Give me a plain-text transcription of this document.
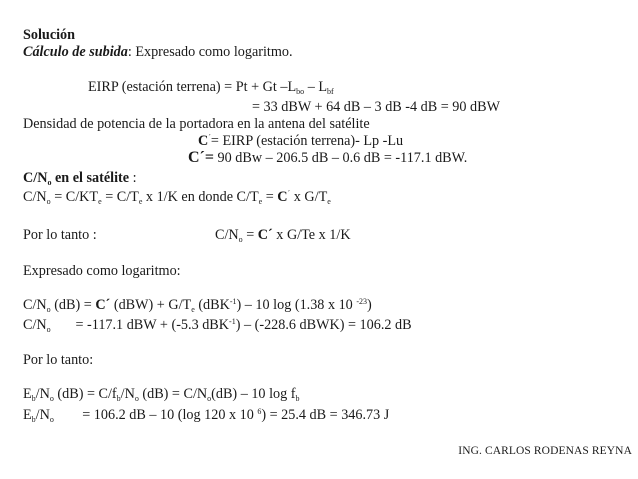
Solución
Cálculo de subida: Expresado como logaritmo.
EIRP (estación terrena) = Pt + Gt $-L_{bo} - L_{bf}$
= 33 dBW + 64 dB – 3 dB -4 dB = 90 dBW
Densidad de potencia de la portadora en la antena del satélite
C´= EIRP (estación terrena)- Lp -Lu
C´= 90 dBw – 206.5 dB – 0.6 dB = -117.1 dBW.
$C/N_o$ en el satélite :
$C/N_o = C/KT_e = C/T_e$ x 1/K en donde $C/T_e = C^´$ x $G/T_e$
Por lo tanto :	$C/N_o$ = C´ x G/Te x 1/K
Expresado como logaritmo:
$C/N_o$ (dB) = C´ $(dBW) + G/T_e$ (dBK$^{-1}$) – 10 log (1.38 x 10 $^{-23}$)
$C/N_o$       = -117.1 dBW + (-5.3 dBK$^{-1}$) – (-228.6 dBWK) = 106.2 dB
Por lo tanto:
$E_b/N_o$ $(dB) = C/f_b/N_o$ $(dB) = C/N_o(dB) - 10$ $\log f_b$
$E_b/N_o$        = 106.2 dB – 10 (log 120 x 10 $^6$) = 25.4 dB = 346.73 J
ING. CARLOS RODENAS REYNA
